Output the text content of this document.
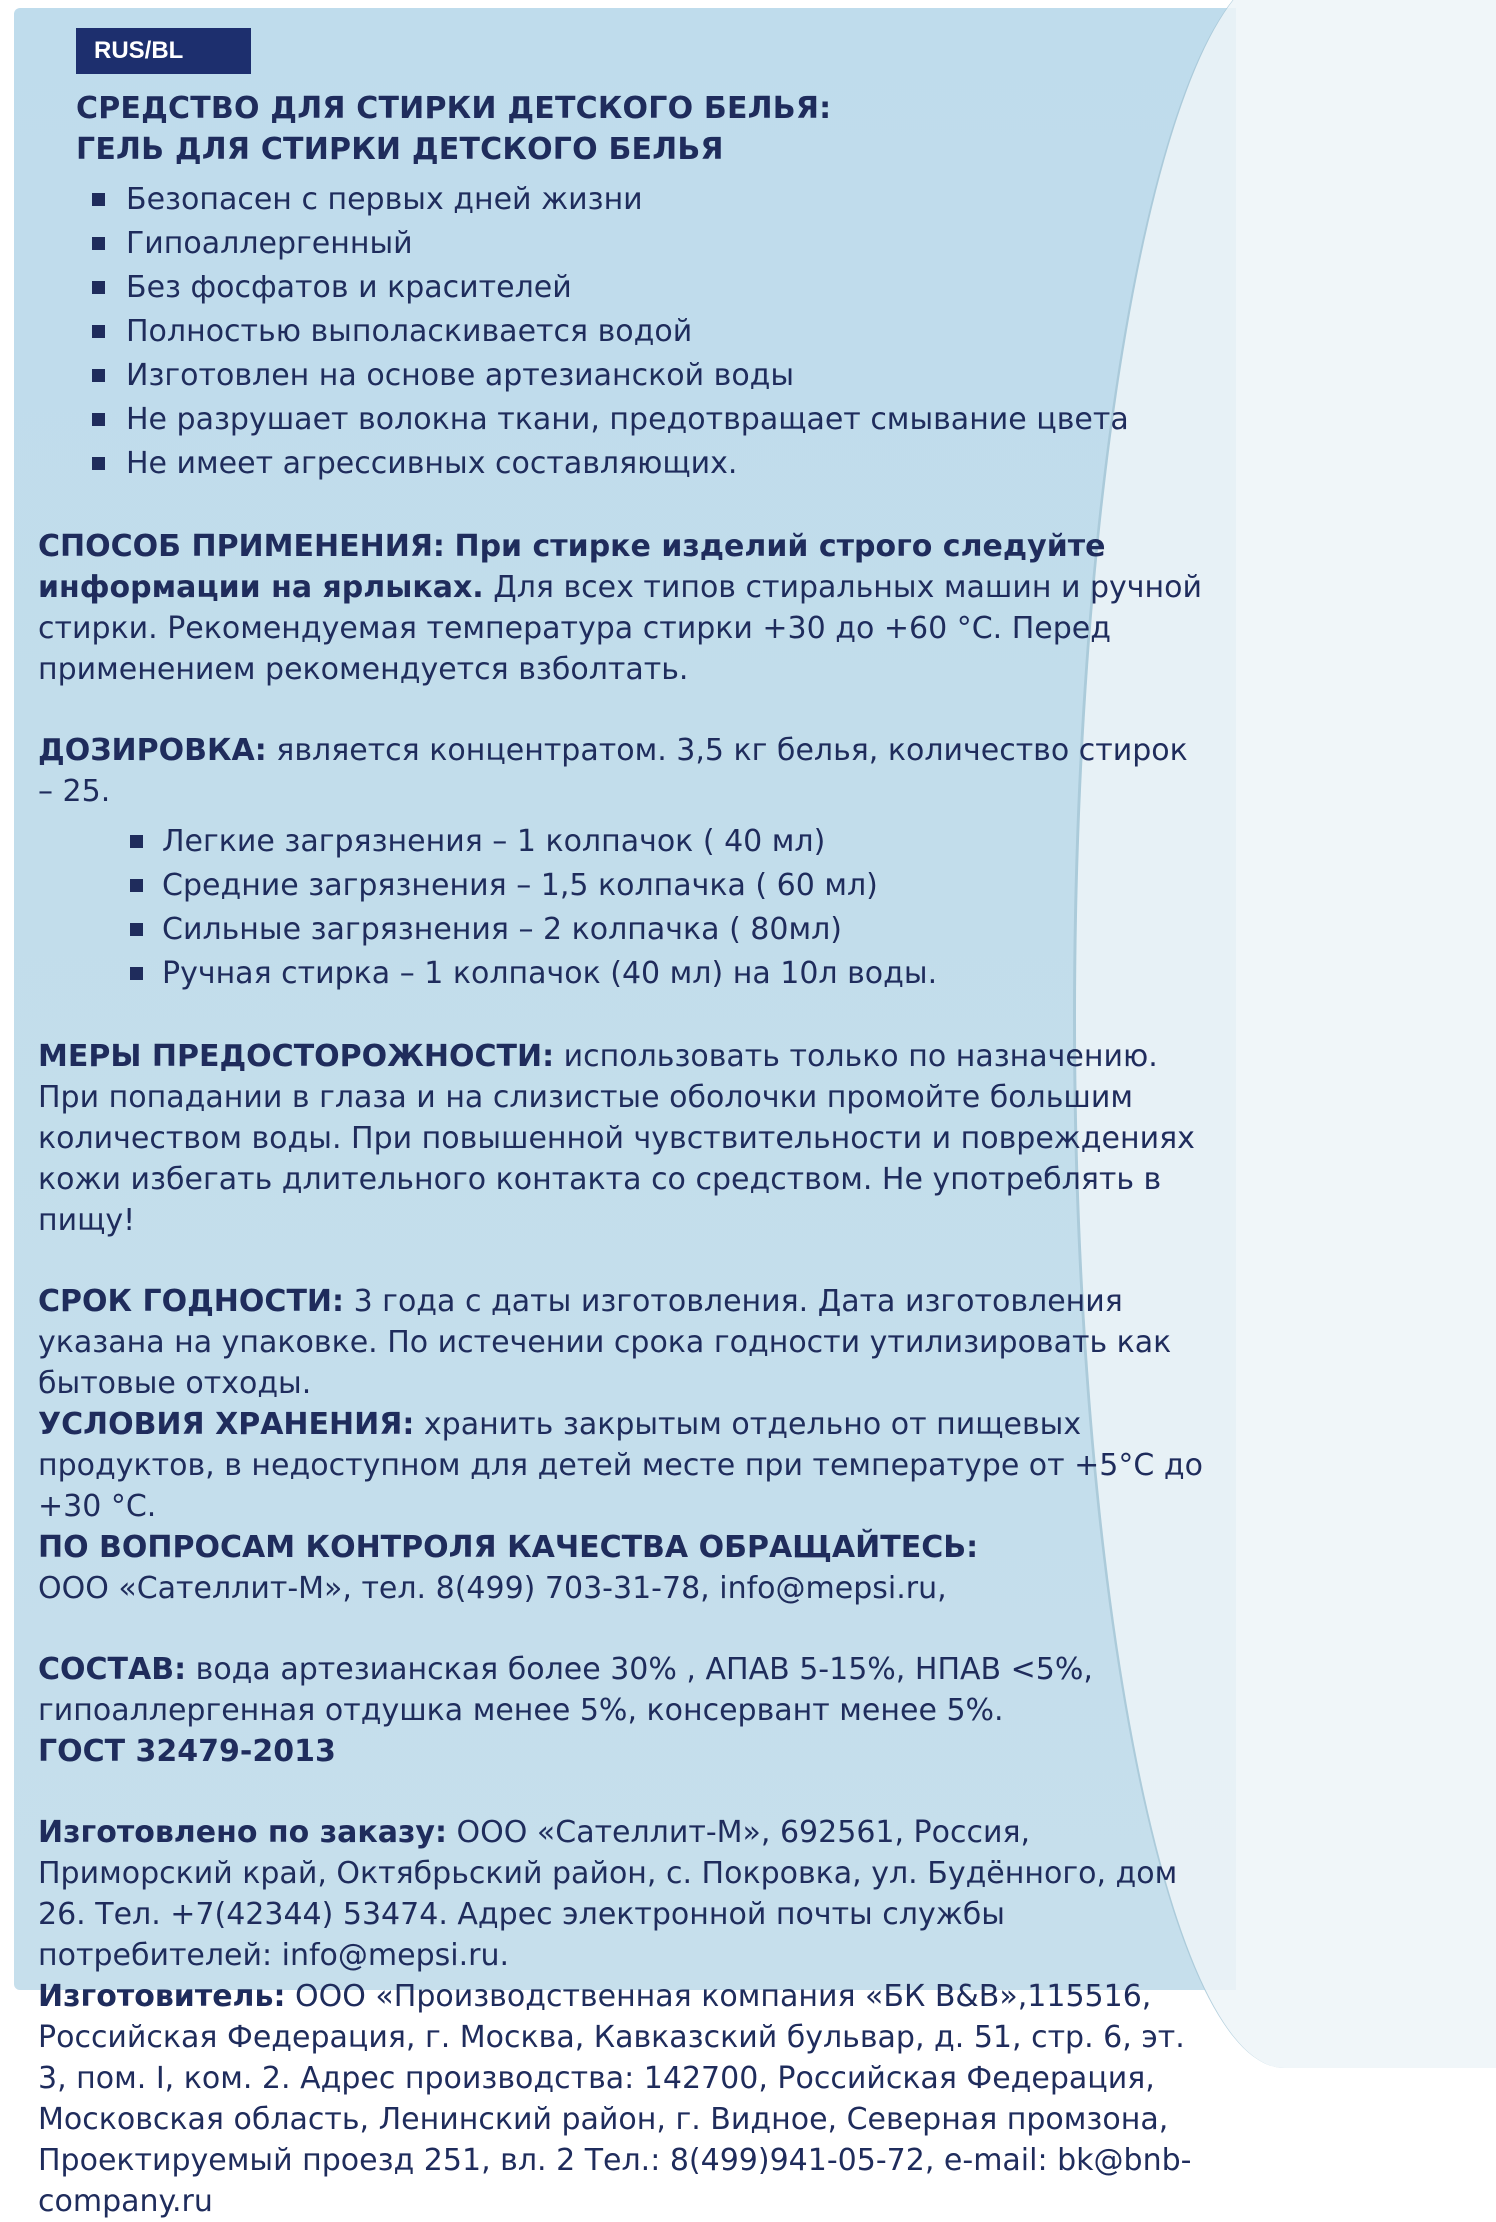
RUS/BL
СРЕДСТВО ДЛЯ СТИРКИ ДЕТСКОГО БЕЛЬЯ:
ГЕЛЬ ДЛЯ СТИРКИ ДЕТСКОГО БЕЛЬЯ
Безопасен с первых дней жизни
Гипоаллергенный
Без фосфатов и красителей
Полностью выполаскивается водой
Изготовлен на основе артезианской воды
Не разрушает волокна ткани, предотвращает смывание цвета
Не имеет агрессивных составляющих.

СПОСОБ ПРИМЕНЕНИЯ: При стирке изделий строго следуйте информации на ярлыках. Для всех типов стиральных машин и ручной стирки. Рекомендуемая температура стирки +30 до +60 °С. Перед применением рекомендуется взболтать.

ДОЗИРОВКА: является концентратом. 3,5 кг белья, количество стирок – 25.

Легкие загрязнения – 1 колпачок ( 40 мл)
Средние загрязнения – 1,5 колпачка ( 60 мл)
Сильные загрязнения – 2 колпачка ( 80мл)
Ручная стирка – 1 колпачок (40 мл) на 10л воды.

МЕРЫ ПРЕДОСТОРОЖНОСТИ: использовать только по назначению. При попадании в глаза и на слизистые оболочки промойте большим количеством воды. При повышенной чувствительности и повреждениях кожи избегать длительного контакта со средством. Не употреблять в пищу!

СРОК ГОДНОСТИ: 3 года с даты изготовления. Дата изготовления указана на упаковке. По истечении срока годности утилизировать как бытовые отходы.

УСЛОВИЯ ХРАНЕНИЯ: хранить закрытым отдельно от пищевых продуктов, в недоступном для детей месте при температуре от +5°С до +30 °С.

ПО ВОПРОСАМ КОНТРОЛЯ КАЧЕСТВА ОБРАЩАЙТЕСЬ:
ООО «Сателлит-М», тел. 8(499) 703-31-78, info@mepsi.ru,

СОСТАВ: вода артезианская более 30% , АПАВ 5-15%, НПАВ <5%, гипоаллергенная отдушка менее 5%, консервант менее 5%.

ГОСТ 32479-2013

Изготовлено по заказу: ООО «Сателлит-М», 692561, Россия, Приморский край, Октябрьский район, с. Покровка, ул. Будённого, дом 26. Тел. +7(42344) 53474. Адрес электронной почты службы потребителей: info@mepsi.ru.

Изготовитель: ООО «Производственная компания «БК В&В»,115516, Российская Федерация, г. Москва, Кавказский бульвар, д. 51, стр. 6, эт. 3, пом. I, ком. 2. Адрес производства: 142700, Российская Федерация, Московская область, Ленинский район, г. Видное, Северная промзона, Проектируемый проезд 251, вл. 2 Тел.: 8(499)941-05-72, e-mail: bk@bnb-company.ru
